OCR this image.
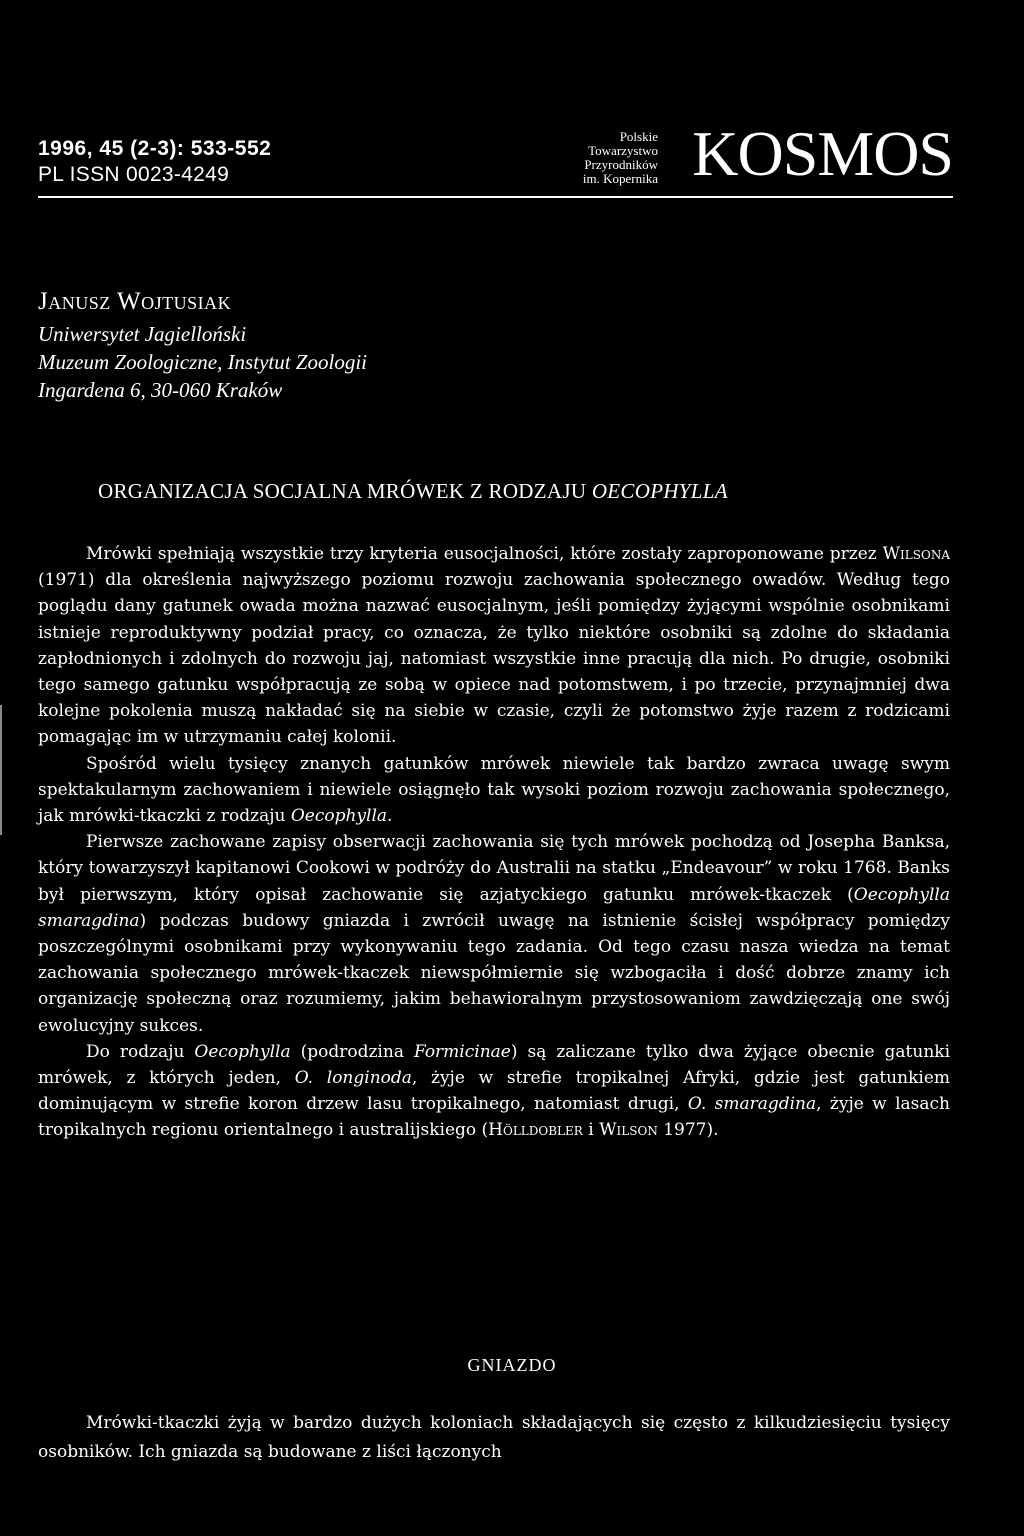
1996, 45 (2-3): 533-552
PL ISSN 0023-4249
Polskie
Towarzystwo
Przyrodników
im. Kopernika KOSMOS
Janusz Wojtusiak
Uniwersytet Jagielloński
Muzeum Zoologiczne, Instytut Zoologii
Ingardena 6, 30-060 Kraków
ORGANIZACJA SOCJALNA MRÓWEK Z RODZAJU OECOPHYLLA

Mrówki spełniają wszystkie trzy kryteria eusocjalności, które zostały zaproponowane przez Wilsona (1971) dla określenia najwyższego poziomu rozwoju zachowania społecznego owadów. Według tego poglądu dany gatunek owada można nazwać eusocjalnym, jeśli pomiędzy żyjącymi wspólnie osobnikami istnieje reproduktywny podział pracy, co oznacza, że tylko niektóre osobniki są zdolne do składania zapłodnionych i zdolnych do rozwoju jaj, natomiast wszystkie inne pracują dla nich. Po drugie, osobniki tego samego gatunku współpracują ze sobą w opiece nad potomstwem, i po trzecie, przynajmniej dwa kolejne pokolenia muszą nakładać się na siebie w czasie, czyli że potomstwo żyje razem z rodzicami pomagając im w utrzymaniu całej kolonii.

Spośród wielu tysięcy znanych gatunków mrówek niewiele tak bardzo zwraca uwagę swym spektakularnym zachowaniem i niewiele osiągnęło tak wysoki poziom rozwoju zachowania społecznego, jak mrówki-tkaczki z rodzaju Oecophylla.

Pierwsze zachowane zapisy obserwacji zachowania się tych mrówek pochodzą od Josepha Banksa, który towarzyszył kapitanowi Cookowi w podróży do Australii na statku „Endeavour” w roku 1768. Banks był pierwszym, który opisał zachowanie się azjatyckiego gatunku mrówek-tkaczek (Oecophylla smaragdina) podczas budowy gniazda i zwrócił uwagę na istnienie ścisłej współpracy pomiędzy poszczególnymi osobnikami przy wykonywaniu tego zadania. Od tego czasu nasza wiedza na temat zachowania społecznego mrówek-tkaczek niewspółmiernie się wzbogaciła i dość dobrze znamy ich organizację społeczną oraz rozumiemy, jakim behawioralnym przystosowaniom zawdzięczają one swój ewolucyjny sukces.

Do rodzaju Oecophylla (podrodzina Formicinae) są zaliczane tylko dwa żyjące obecnie gatunki mrówek, z których jeden, O. longinoda, żyje w strefie tropikalnej Afryki, gdzie jest gatunkiem dominującym w strefie koron drzew lasu tropikalnego, natomiast drugi, O. smaragdina, żyje w lasach tropikalnych regionu orientalnego i australijskiego (Hölldobler i Wilson 1977).

GNIAZDO

Mrówki-tkaczki żyją w bardzo dużych koloniach składających się często z kilkudziesięciu tysięcy osobników. Ich gniazda są budowane z liści łączonych
